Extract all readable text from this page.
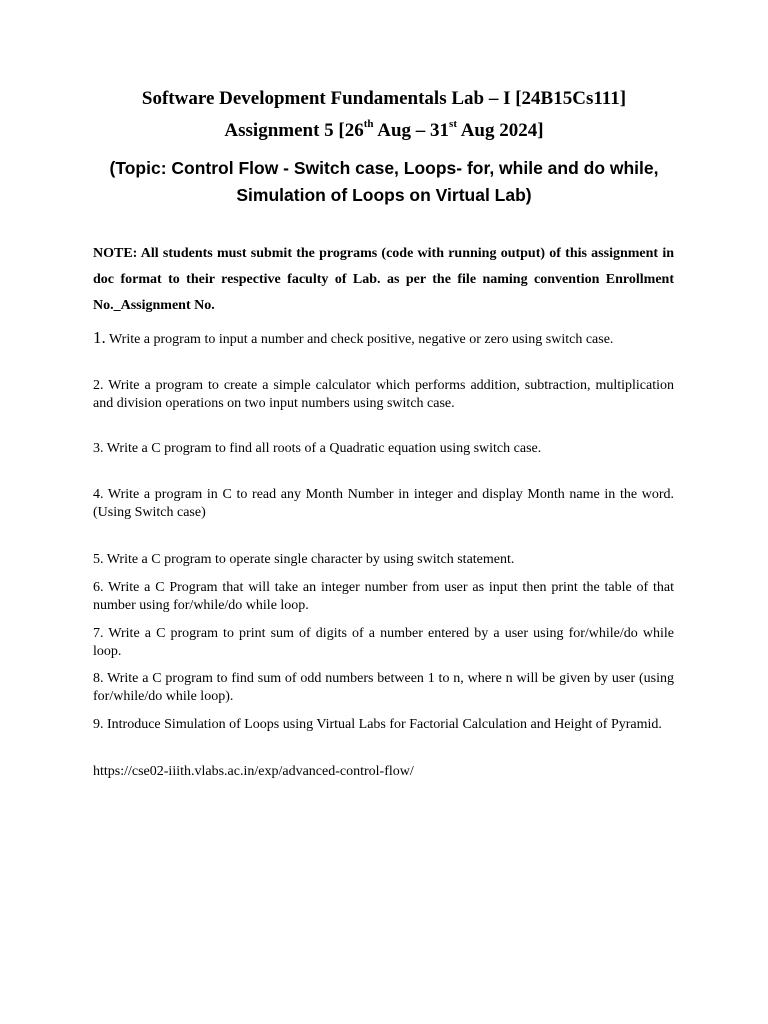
Software Development Fundamentals Lab – I [24B15Cs111]
Assignment 5 [26th Aug – 31st Aug 2024]
(Topic: Control Flow - Switch case, Loops- for, while and do while,
Simulation of Loops on Virtual Lab)
NOTE: All students must submit the programs (code with running output) of this assignment in doc format to their respective faculty of Lab. as per the file naming convention Enrollment No._Assignment No.
1. Write a program to input a number and check positive, negative or zero using switch case.
2. Write a program to create a simple calculator which performs addition, subtraction, multiplication and division operations on two input numbers using switch case.
3. Write a C program to find all roots of a Quadratic equation using switch case.
4. Write a program in C to read any Month Number in integer and display Month name in the word. (Using Switch case)
5. Write a C program to operate single character by using switch statement.
6. Write a C Program that will take an integer number from user as input then print the table of that number using for/while/do while loop.
7. Write a C program to print sum of digits of a number entered by a user using for/while/do while loop.
8. Write a C program to find sum of odd numbers between 1 to n, where n will be given by user (using for/while/do while loop).
9. Introduce Simulation of Loops using Virtual Labs for Factorial Calculation and Height of Pyramid.
https://cse02-iiith.vlabs.ac.in/exp/advanced-control-flow/
